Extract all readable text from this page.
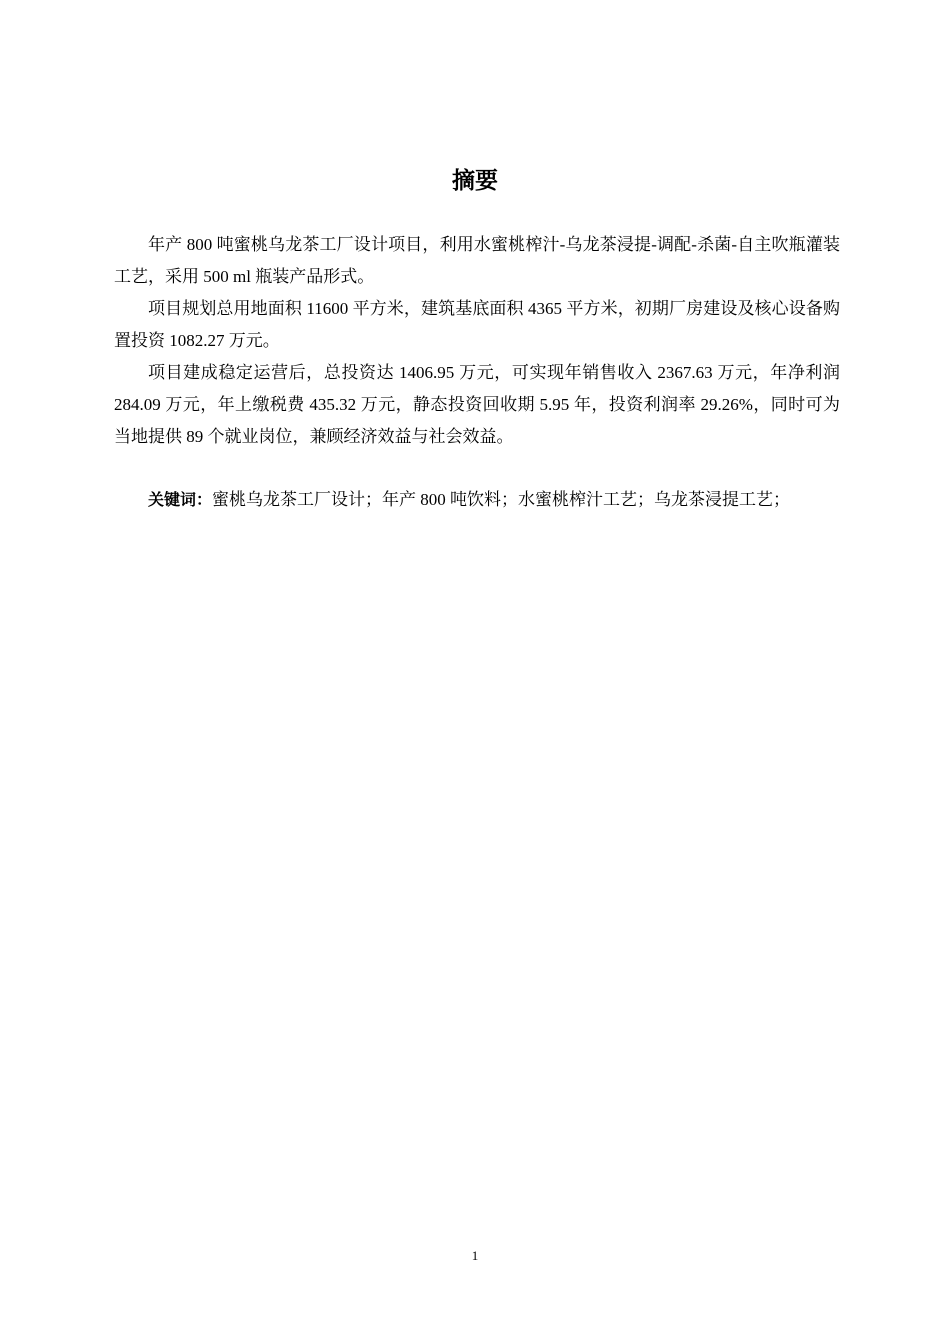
摘要

年产 800 吨蜜桃乌龙茶工厂设计项目，利用水蜜桃榨汁-乌龙茶浸提-调配-杀菌-自主吹瓶灌装工艺，采用 500 ml 瓶装产品形式。

项目规划总用地面积 11600 平方米，建筑基底面积 4365 平方米，初期厂房建设及核心设备购置投资 1082.27 万元。

项目建成稳定运营后，总投资达 1406.95 万元，可实现年销售收入 2367.63 万元，年净利润 284.09 万元，年上缴税费 435.32 万元，静态投资回收期 5.95 年，投资利润率 29.26%，同时可为当地提供 89 个就业岗位，兼顾经济效益与社会效益。

关键词：蜜桃乌龙茶工厂设计；年产 800 吨饮料；水蜜桃榨汁工艺；乌龙茶浸提工艺；

1
